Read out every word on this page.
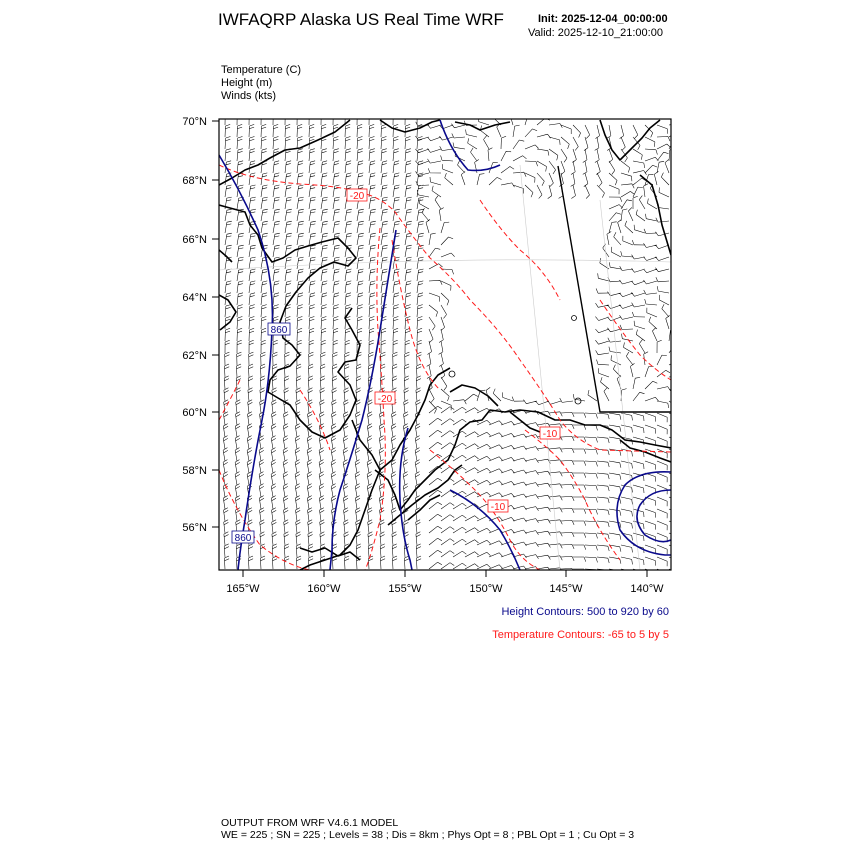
IWFAQRP Alaska US Real Time WRF	Init: 2025-12-04_00:00:00
Valid: 2025-12-10_21:00:00
Temperature (C)
Height (m)
Winds (kts)
860
860
-20
-20
-10
-10
70°N
68°N
66°N
64°N
62°N
60°N
58°N
56°N
165°W	160°W	155°W	150°W	145°W	140°W
Height Contours: 500 to 920 by 60
Temperature Contours: -65 to 5 by 5
OUTPUT FROM WRF V4.6.1 MODEL
WE = 225 ; SN = 225 ; Levels = 38 ; Dis = 8km ; Phys Opt = 8 ; PBL Opt = 1 ; Cu Opt = 3
